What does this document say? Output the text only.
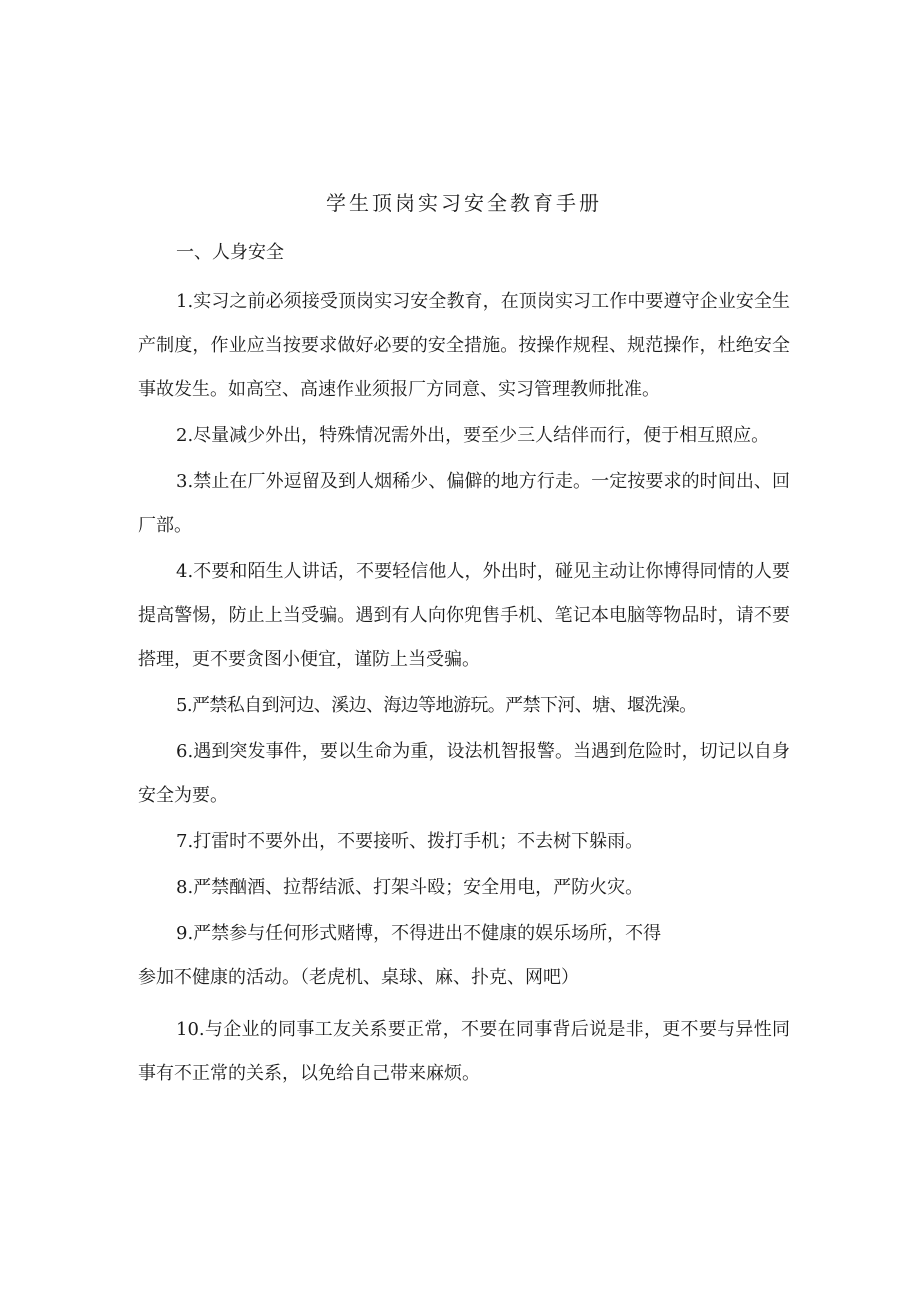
学生顶岗实习安全教育手册
一、人身安全

1.实习之前必须接受顶岗实习安全教育，在顶岗实习工作中要遵守企业安全生产制度，作业应当按要求做好必要的安全措施。按操作规程、规范操作，杜绝安全事故发生。如高空、高速作业须报厂方同意、实习管理教师批准。

2.尽量减少外出，特殊情况需外出，要至少三人结伴而行，便于相互照应。

3.禁止在厂外逗留及到人烟稀少、偏僻的地方行走。一定按要求的时间出、回厂部。

4.不要和陌生人讲话，不要轻信他人，外出时，碰见主动让你博得同情的人要提高警惕，防止上当受骗。遇到有人向你兜售手机、笔记本电脑等物品时，请不要搭理，更不要贪图小便宜，谨防上当受骗。

5.严禁私自到河边、溪边、海边等地游玩。严禁下河、塘、堰洗澡。

6.遇到突发事件，要以生命为重，设法机智报警。当遇到危险时，切记以自身安全为要。

7.打雷时不要外出，不要接听、拨打手机；不去树下躲雨。

8.严禁酗酒、拉帮结派、打架斗殴；安全用电，严防火灾。

9.严禁参与任何形式赌博，不得进出不健康的娱乐场所，不得

参加不健康的活动。（老虎机、桌球、麻、扑克、网吧）

10.与企业的同事工友关系要正常，不要在同事背后说是非，更不要与异性同事有不正常的关系，以免给自己带来麻烦。
